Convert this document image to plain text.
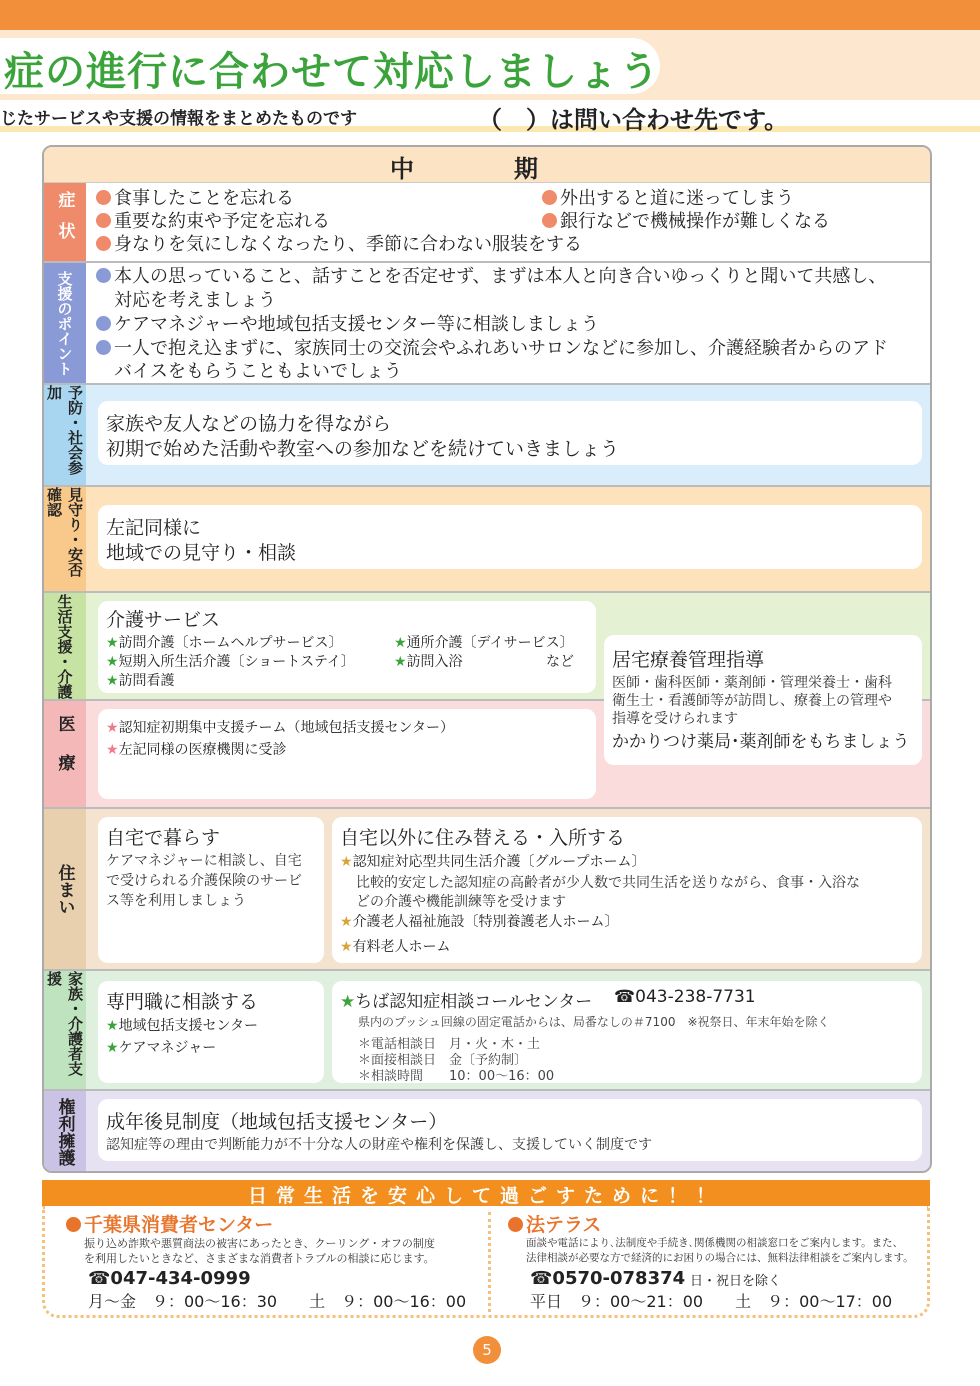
症の進行に合わせて対応しましょう
じたサービスや支援の情報をまとめたものです	（　）は問い合わせ先です。
中期
症状	食事したことを忘れる
重要な約束や予定を忘れる
身なりを気にしなくなったり、季節に合わない服装をする
外出すると道に迷ってしまう
銀行などで機械操作が難しくなる
支援のポイント	本人の思っていること、話すことを否定せず、まずは本人と向き合いゆっくりと聞いて共感し、
対応を考えましょう
ケアマネジャーや地域包括支援センター等に相談しましょう
一人で抱え込まずに、家族同士の交流会やふれあいサロンなどに参加し、介護経験者からのアド
バイスをもらうこともよいでしょう
予防・社会参加
家族や友人などの協力を得ながら
初期で始めた活動や教室への参加などを続けていきましょう
見守り・安否確認
左記同様に
地域での見守り・相談
生活支援・介護	介護サービス
★訪問介護〔ホームヘルプサービス〕
★短期入所生活介護〔ショートステイ〕
★訪問看護
★通所介護〔デイサービス〕
★訪問入浴	など
医療	★認知症初期集中支援チーム（地域包括支援センター）
★左記同様の医療機関に受診
居宅療養管理指導
医師・歯科医師・薬剤師・管理栄養士・歯科
衛生士・看護師等が訪問し、療養上の管理や
指導を受けられます
かかりつけ薬局･薬剤師をもちましょう
住まい
自宅で暮らす
ケアマネジャーに相談し、自宅
で受けられる介護保険のサービ
ス等を利用しましょう
自宅以外に住み替える・入所する
★認知症対応型共同生活介護〔グループホーム〕
比較的安定した認知症の高齢者が少人数で共同生活を送りながら、食事・入浴な
どの介護や機能訓練等を受けます
★介護老人福祉施設〔特別養護老人ホーム〕
★有料老人ホーム
家族・介護者支援
専門職に相談する
★地域包括支援センター
★ケアマネジャー
★ちば認知症相談コールセンター ☎043-238-7731
県内のプッシュ回線の固定電話からは、局番なしの＃7100　※祝祭日、年末年始を除く
＊電話相談日　月・火・木・土
＊面接相談日　金〔予約制〕
＊相談時間　　10：00～16：00
権利擁護	成年後見制度（地域包括支援センター）
認知症等の理由で判断能力が不十分な人の財産や権利を保護し、支援していく制度です
日常生活を安心して過ごすために！！
千葉県消費者センター
振り込め詐欺や悪質商法の被害にあったとき、クーリング・オフの制度
を利用したいときなど、さまざまな消費者トラブルの相談に応じます。
☎047-434-0999
月～金　９：00～16：30　　土　９：00～16：00
法テラス
面談や電話により､法制度や手続き､関係機関の相談窓口をご案内します。また、
法律相談が必要な方で経済的にお困りの場合には、無料法律相談をご案内します。
☎0570-078374 日・祝日を除く
平日　９：00～21：00　　土　９：00～17：00
5
